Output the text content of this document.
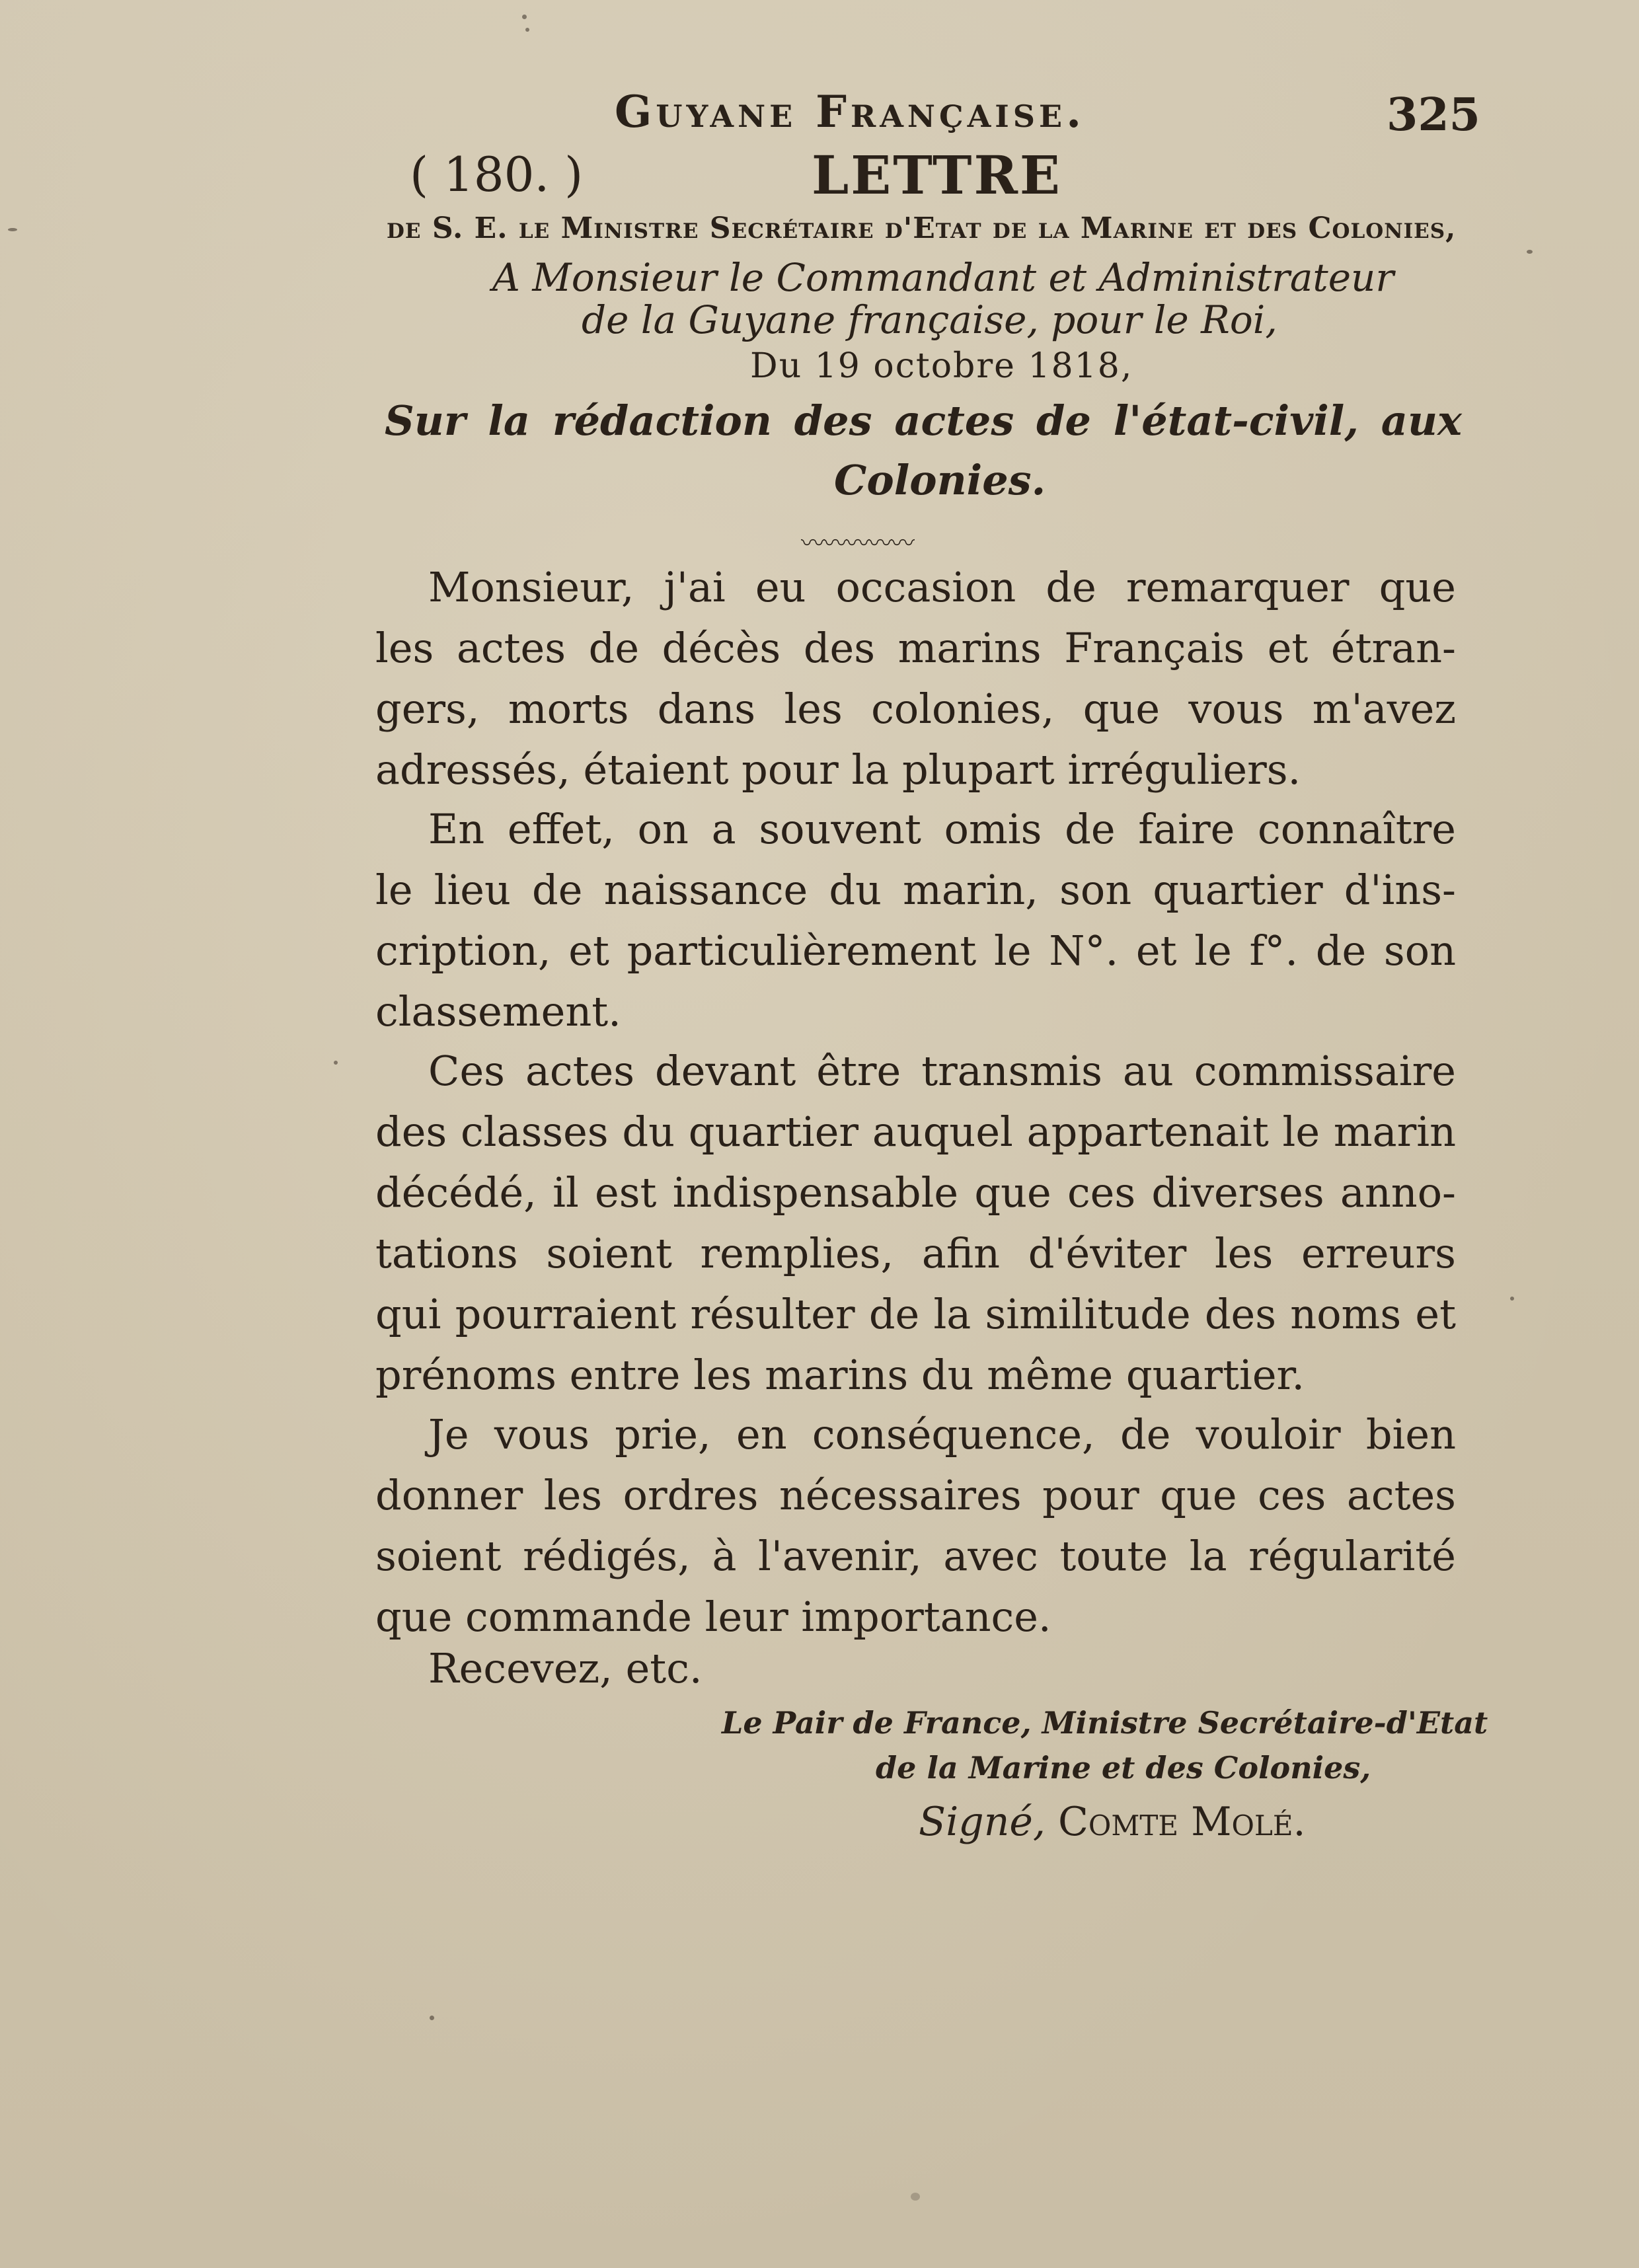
Guyane Française.	325
( 180. )	LETTRE
de S. E. le Ministre Secrétaire d'Etat de la Marine et des Colonies,
A Monsieur le Commandant et Administrateur
de la Guyane française, pour le Roi,
Du 19 octobre 1818,
Sur la rédaction des actes de l'état-civil, aux
Colonies.
〰〰〰〰〰
Monsieur, j'ai eu occasion de remarquer que
les actes de décès des marins Français et étran-
gers, morts dans les colonies, que vous m'avez
adressés, étaient pour la plupart irréguliers.
En effet, on a souvent omis de faire connaître
le lieu de naissance du marin, son quartier d'ins-
cription, et particulièrement le N°. et le f°. de son
classement.
Ces actes devant être transmis au commissaire
des classes du quartier auquel appartenait le marin
décédé, il est indispensable que ces diverses anno-
tations soient remplies, afin d'éviter les erreurs
qui pourraient résulter de la similitude des noms et
prénoms entre les marins du même quartier.
Je vous prie, en conséquence, de vouloir bien
donner les ordres nécessaires pour que ces actes
soient rédigés, à l'avenir, avec toute la régularité
que commande leur importance.
Recevez, etc.
Le Pair de France, Ministre Secrétaire-d'Etat
de la Marine et des Colonies,
Signé, Comte Molé.
